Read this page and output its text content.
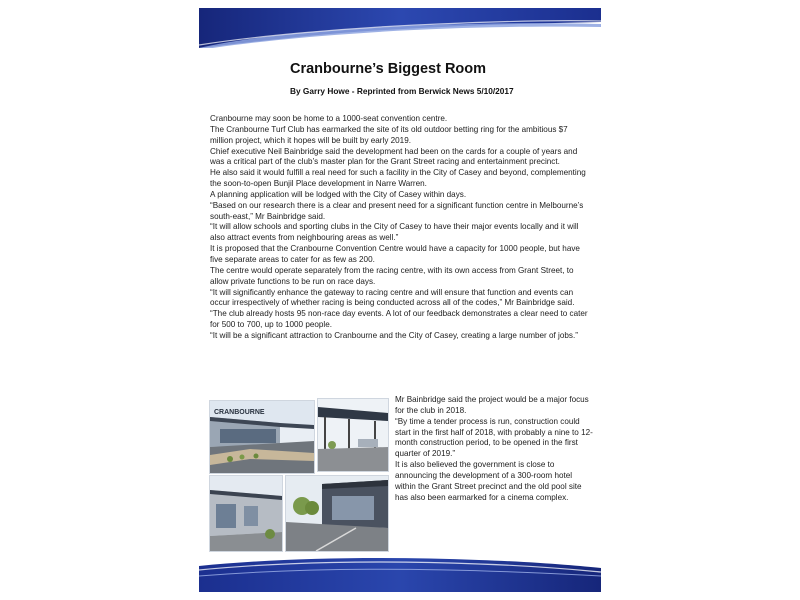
Cranbourne’s Biggest Room
By Garry Howe - Reprinted from Berwick News 5/10/2017

Cranbourne may soon be home to a 1000-seat convention centre.

The Cranbourne Turf Club has earmarked the site of its old outdoor betting ring for the ambitious $7 million project, which it hopes will be built by early 2019.

Chief executive Neil Bainbridge said the development had been on the cards for a couple of years and was a critical part of the club’s master plan for the Grant Street racing and entertainment precinct.

He also said it would fulfill a real need for such a facility in the City of Casey and beyond, complementing the soon-to-open Bunjil Place development in Narre Warren.

A planning application will be lodged with the City of Casey within days.

“Based on our research there is a clear and present need for a significant function centre in Melbourne’s south-east,” Mr Bainbridge said.

“It will allow schools and sporting clubs in the City of Casey to have their major events locally and it will also attract events from neighbouring areas as well.”

It is proposed that the Cranbourne Convention Centre would have a capacity for 1000 people, but have five separate areas to cater for as few as 200.

The centre would operate separately from the racing centre, with its own access from Grant Street, to allow private functions to be run on race days.

“It will significantly enhance the gateway to racing centre and will ensure that function and events can occur irrespectively of whether racing is being conducted across all of the codes,” Mr Bainbridge said.

“The club already hosts 95 non-race day events. A lot of our feedback demonstrates a clear need to cater for 500 to 700, up to 1000 people.

“It will be a significant attraction to Cranbourne and the City of Casey, creating a large number of jobs.”

CRANBOURNE

Mr Bainbridge said the project would be a major focus for the club in 2018.

“By time a tender process is run, construction could start in the first half of 2018, with probably a nine to 12-month construction period, to be opened in the first quarter of 2019.”

It is also believed the government is close to announcing the development of a 300-room hotel within the Grant Street precinct and the old pool site has also been earmarked for a cinema complex.
